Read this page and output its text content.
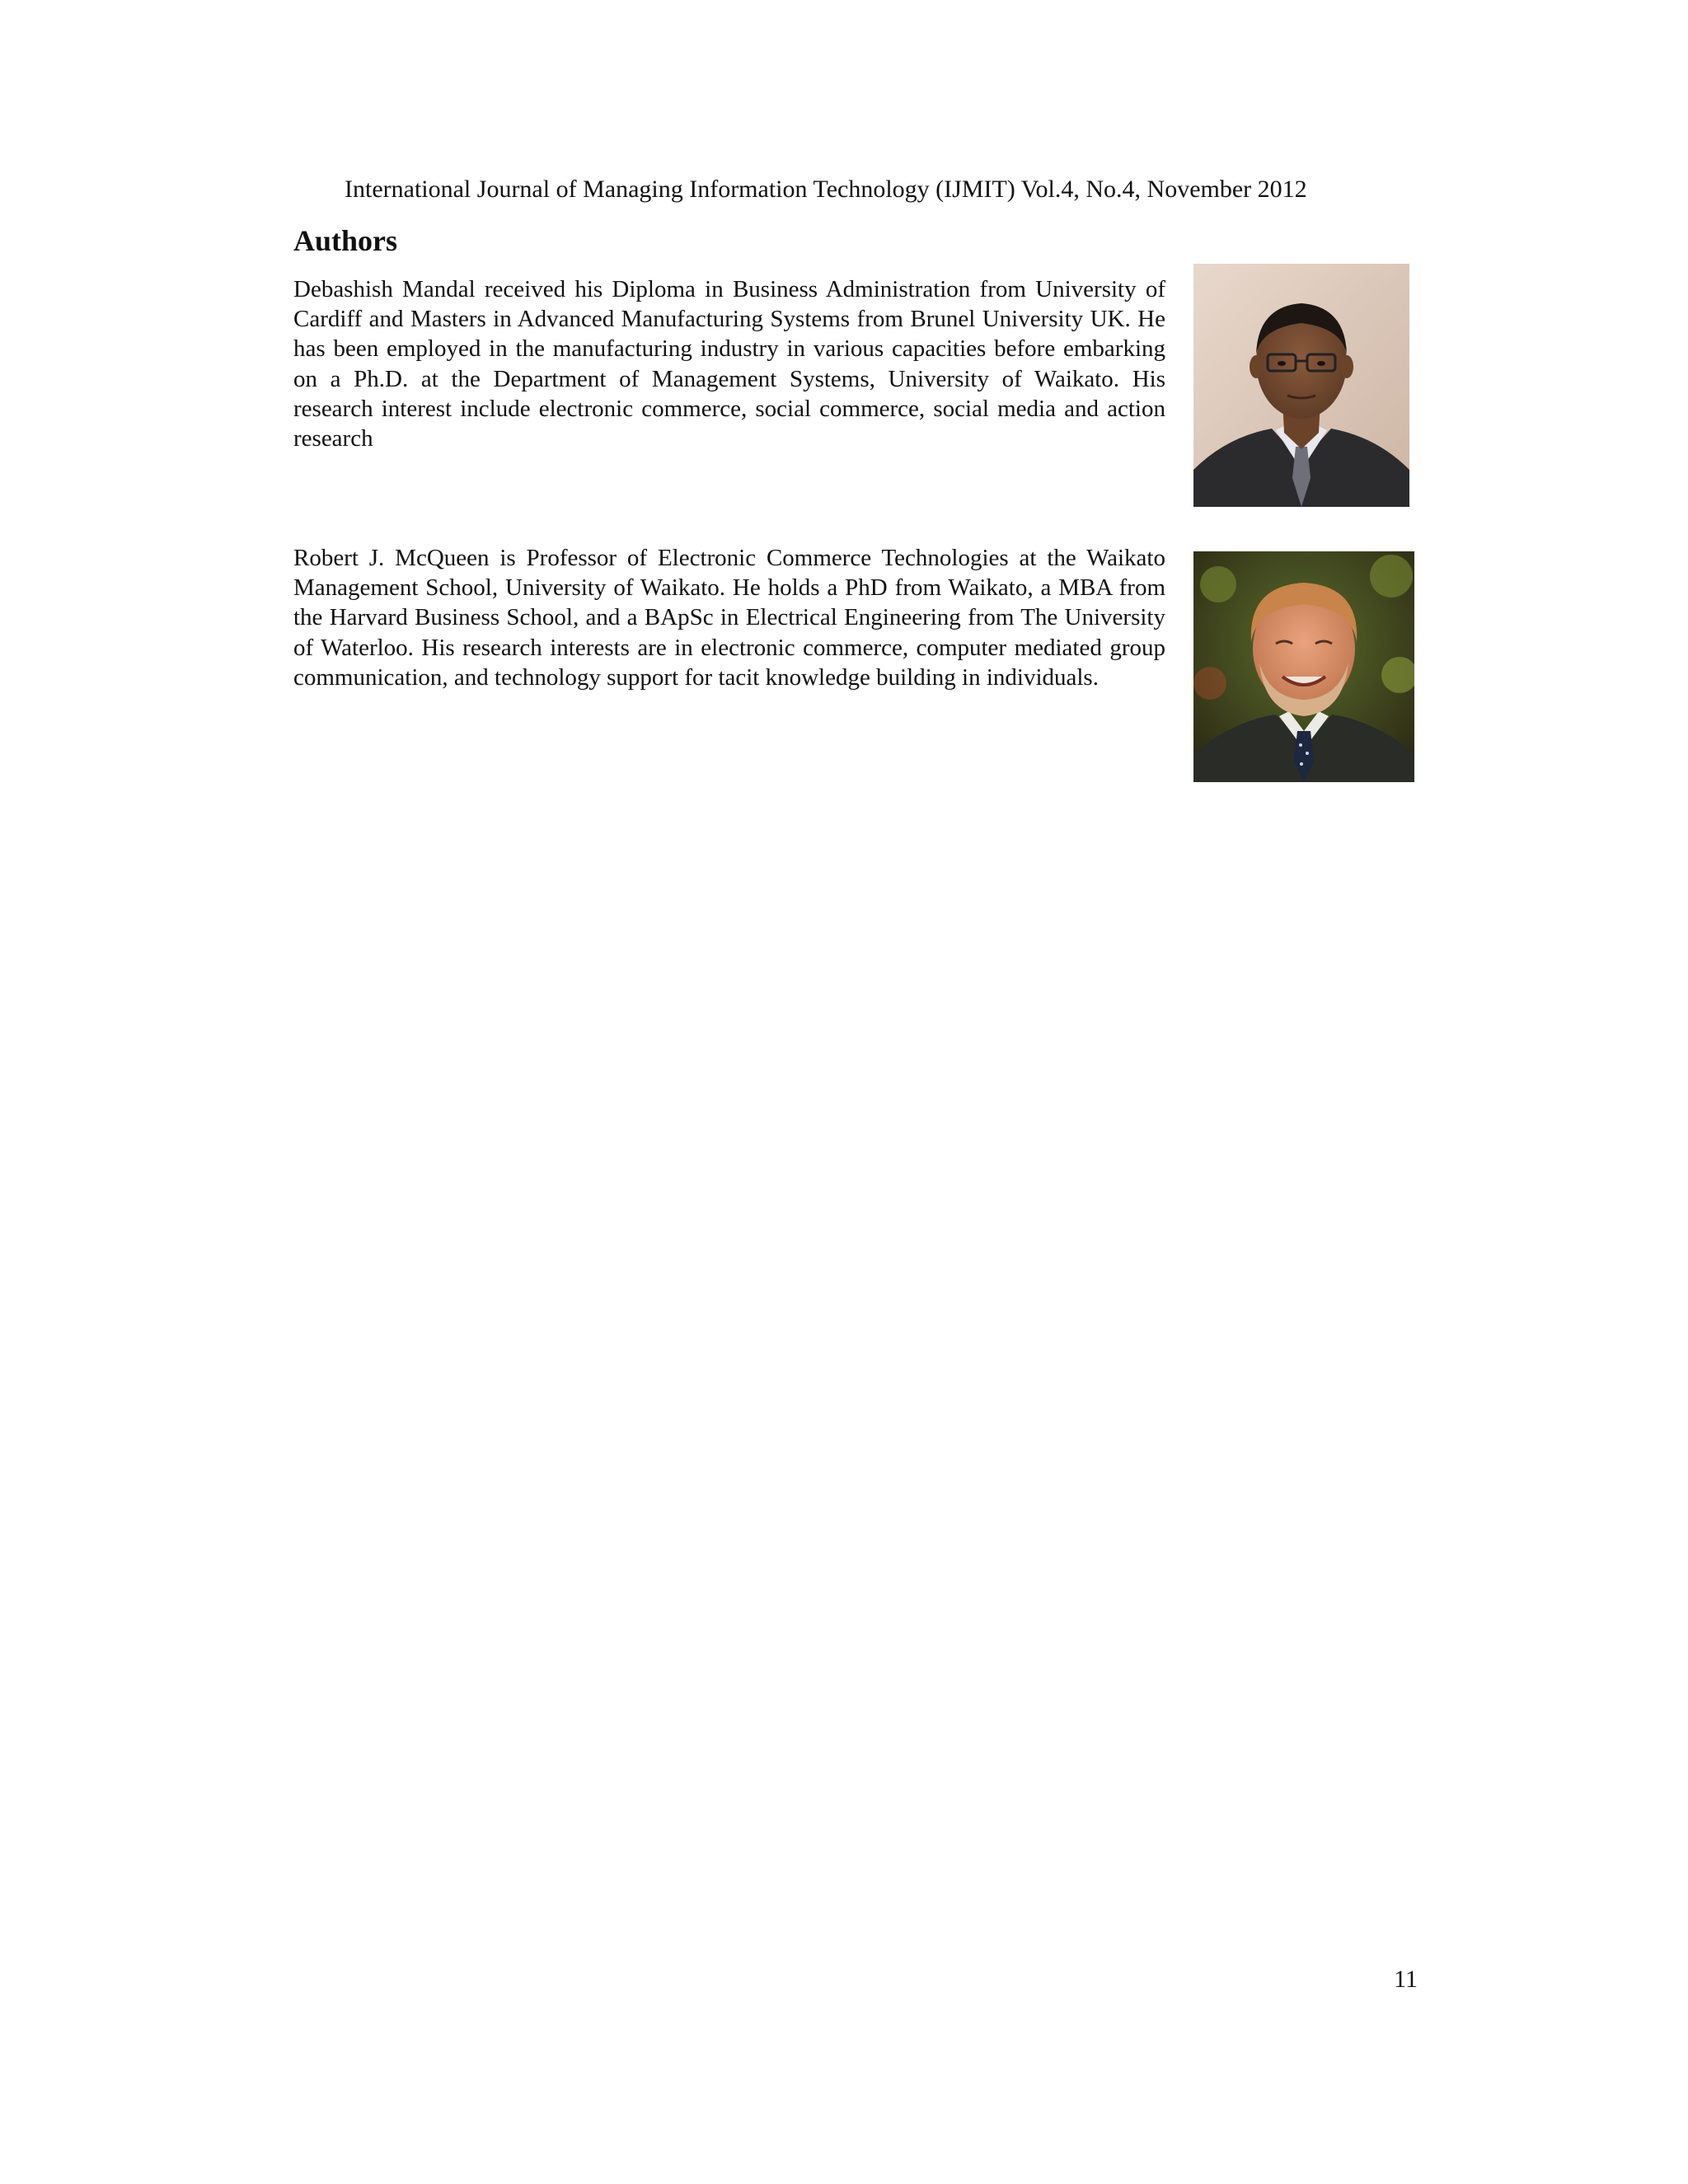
International Journal of Managing Information Technology (IJMIT) Vol.4, No.4, November 2012
Authors

Debashish Mandal received his Diploma in Business Administration from University of Cardiff and Masters in Advanced Manufacturing Systems from Brunel University UK. He has been employed in the manufacturing industry in various capacities before embarking on a Ph.D. at the Department of Management Systems, University of Waikato. His research interest include electronic commerce, social commerce, social media and action research

Robert J. McQueen is Professor of Electronic Commerce Technologies at the Waikato Management School, University of Waikato. He holds a PhD from Waikato, a MBA from the Harvard Business School, and a BApSc in Electrical Engineering from The University of Waterloo. His research interests are in electronic commerce, computer mediated group communication, and technology support for tacit knowledge building in individuals.

11
